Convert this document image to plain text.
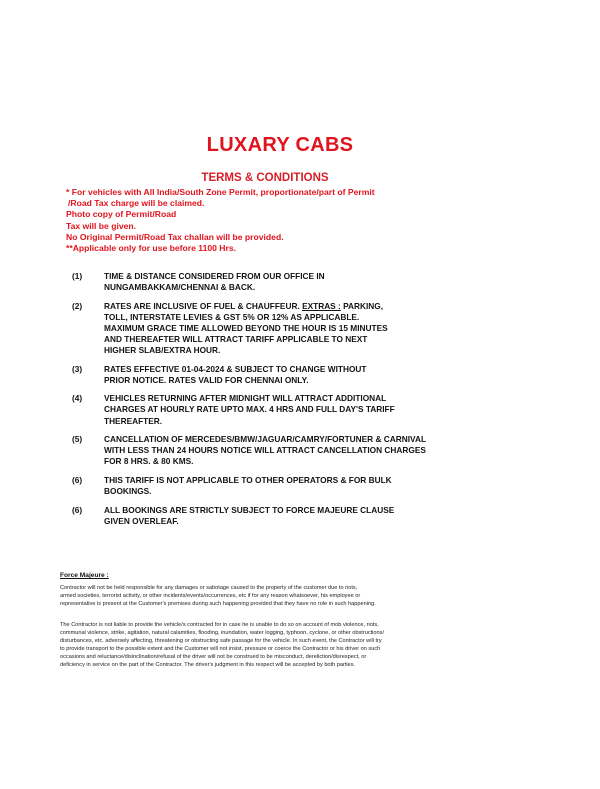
LUXARY CABS
TERMS & CONDITIONS
* For vehicles with All India/South Zone Permit, proportionate/part of Permit
/Road Tax charge will be claimed.
Photo copy of Permit/Road
Tax will be given.
No Original Permit/Road Tax challan will be provided.
**Applicable only for use before 1100 Hrs.
(1)	TIME & DISTANCE CONSIDERED FROM OUR OFFICE IN
NUNGAMBAKKAM/CHENNAI & BACK.
(2)	RATES ARE INCLUSIVE OF FUEL & CHAUFFEUR. EXTRAS : PARKING,
TOLL, INTERSTATE LEVIES & GST 5% OR 12% AS APPLICABLE.
MAXIMUM GRACE TIME ALLOWED BEYOND THE HOUR IS 15 MINUTES
AND THEREAFTER WILL ATTRACT TARIFF APPLICABLE TO NEXT
HIGHER SLAB/EXTRA HOUR.
(3)	RATES EFFECTIVE 01-04-2024 & SUBJECT TO CHANGE WITHOUT
PRIOR NOTICE. RATES VALID FOR CHENNAI ONLY.
(4)	VEHICLES RETURNING AFTER MIDNIGHT WILL ATTRACT ADDITIONAL
CHARGES AT HOURLY RATE UPTO MAX. 4 HRS AND FULL DAY'S TARIFF
THEREAFTER.
(5)	CANCELLATION OF MERCEDES/BMW/JAGUAR/CAMRY/FORTUNER & CARNIVAL
WITH LESS THAN 24 HOURS NOTICE WILL ATTRACT CANCELLATION CHARGES
FOR 8 HRS. & 80 KMS.
(6)	THIS TARIFF IS NOT APPLICABLE TO OTHER OPERATORS & FOR BULK
BOOKINGS.
(6)	ALL BOOKINGS ARE STRICTLY SUBJECT TO FORCE MAJEURE CLAUSE
GIVEN OVERLEAF.
Force Majeure :
Contractor will not be held responsible for any damages or sabotage caused to the property of the customer due to riots,
armed societies, terrorist activity, or other incidents/events/occurrences, etc if for any reason whatsoever, his employee or
representative is present at the Customer's premises during such happening provided that they have no role in such happening.
The Contractor is not liable to provide the vehicle/s contracted for in case he is unable to do so on account of mob violence, riots,
communal violence, strike, agitation, natural calamities, flooding, inundation, water logging, typhoon, cyclone, or other obstructions/
disturbances, etc. adversely affecting, threatening or obstructing safe passage for the vehicle. In such event, the Contractor will try
to provide transport to the possible extent and the Customer will not insist, pressure or coerce the Contractor or his driver on such
occasions and reluctance/disinclination/refusal of the driver will not be construed to be misconduct, dereliction/disrespect, or
deficiency in service on the part of the Contractor. The driver's judgment in this respect will be accepted by both parties.
